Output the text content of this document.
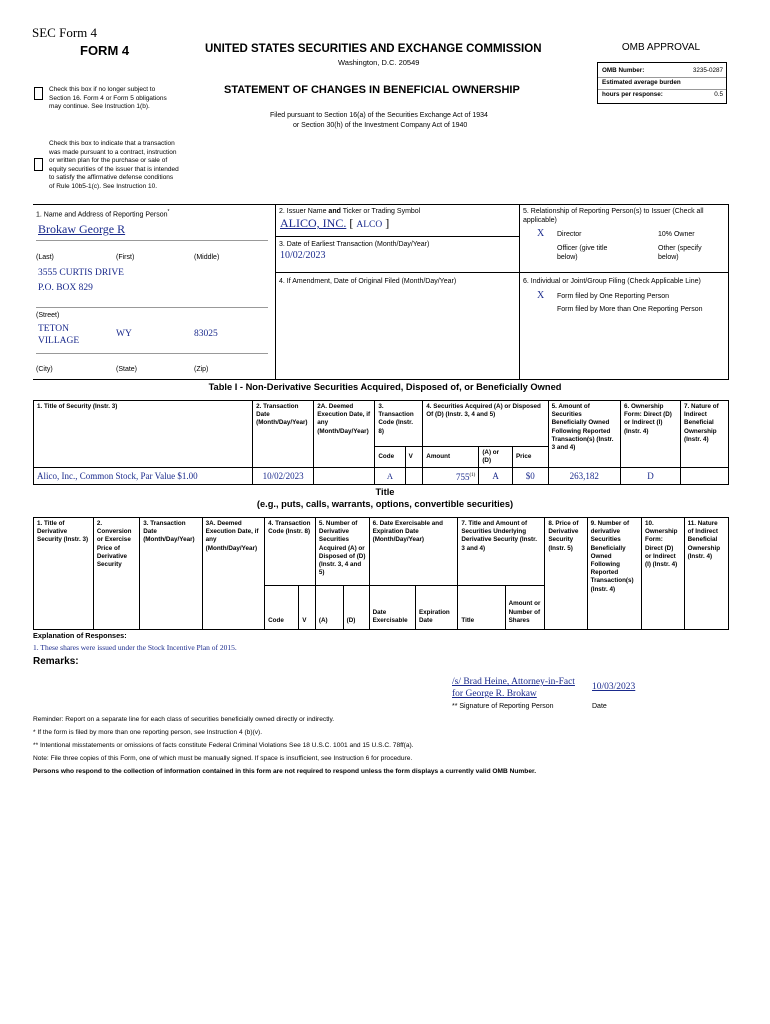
SEC Form 4
FORM 4	UNITED STATES SECURITIES AND EXCHANGE COMMISSION
Washington, D.C. 20549
STATEMENT OF CHANGES IN BENEFICIAL OWNERSHIP
Filed pursuant to Section 16(a) of the Securities Exchange Act of 1934
or Section 30(h) of the Investment Company Act of 1940
Check this box if no longer subject to Section 16. Form 4 or Form 5 obligations may continue. See Instruction 1(b).
Check this box to indicate that a transaction was made pursuant to a contract, instruction or written plan for the purchase or sale of equity securities of the issuer that is intended to satisfy the affirmative defense conditions of Rule 10b5-1(c). See Instruction 10.
OMB APPROVAL
OMB Number:	3235-0287
Estimated average burden
hours per response:	0.5
1. Name and Address of Reporting Person*
Brokaw George R
(Last)	(First)	(Middle)
3555 CURTIS DRIVE
P.O. BOX 829
(Street)
TETON VILLAGE
WY	83025
(City)	(State)	(Zip)
2. Issuer Name and Ticker or Trading Symbol
ALICO, INC. [ ALCO ]
3. Date of Earliest Transaction (Month/Day/Year)
10/02/2023
4. If Amendment, Date of Original Filed (Month/Day/Year)
5. Relationship of Reporting Person(s) to Issuer (Check all applicable)
X Director	10% Owner
Officer (give title below)
Other (specify below)
6. Individual or Joint/Group Filing (Check Applicable Line)
X Form filed by One Reporting Person
Form filed by More than One Reporting Person
Table I - Non-Derivative Securities Acquired, Disposed of, or Beneficially Owned
1. Title of Security (Instr. 3)	2. Transaction Date (Month/Day/Year)	2A. Deemed Execution Date, if any (Month/Day/Year)	3. Transaction Code (Instr. 8)		4. Securities Acquired (A) or Disposed Of (D) (Instr. 3, 4 and 5)			5. Amount of Securities Beneficially Owned Following Reported Transaction(s) (Instr. 3 and 4)	6. Ownership Form: Direct (D) or Indirect (I) (Instr. 4)	7. Nature of Indirect Beneficial Ownership (Instr. 4)
			Code	V	Amount	(A) or (D)	Price			
Alico, Inc., Common Stock, Par Value $1.00	10/02/2023		A		755$^{(1)}$	A	$0	263,182	D	
Title
(e.g., puts, calls, warrants, options, convertible securities)
1. Title of Derivative Security (Instr. 3)	2. Conversion or Exercise Price of Derivative Security	3. Transaction Date (Month/Day/Year)	3A. Deemed Execution Date, if any (Month/Day/Year)	4. Transaction Code (Instr. 8)		5. Number of Derivative Securities Acquired (A) or Disposed of (D) (Instr. 3, 4 and 5)		6. Date Exercisable and Expiration Date (Month/Day/Year)		7. Title and Amount of Securities Underlying Derivative Security (Instr. 3 and 4)		8. Price of Derivative Security (Instr. 5)	9. Number of derivative Securities Beneficially Owned Following Reported Transaction(s) (Instr. 4)	10. Ownership Form: Direct (D) or Indirect (I) (Instr. 4)	11. Nature of Indirect Beneficial Ownership (Instr. 4)
				Code	V	(A)	(D)	Date Exercisable	Expiration Date	Title	Amount or Number of Shares				
Explanation of Responses:
1. These shares were issued under the Stock Incentive Plan of 2015.
Remarks:
/s/ Brad Heine, Attorney-in-Fact for George R. Brokaw
10/03/2023
** Signature of Reporting Person	Date
Reminder: Report on a separate line for each class of securities beneficially owned directly or indirectly.
* If the form is filed by more than one reporting person, see Instruction 4 (b)(v).
** Intentional misstatements or omissions of facts constitute Federal Criminal Violations See 18 U.S.C. 1001 and 15 U.S.C. 78ff(a).
Note: File three copies of this Form, one of which must be manually signed. If space is insufficient, see Instruction 6 for procedure.
Persons who respond to the collection of information contained in this form are not required to respond unless the form displays a currently valid OMB Number.
